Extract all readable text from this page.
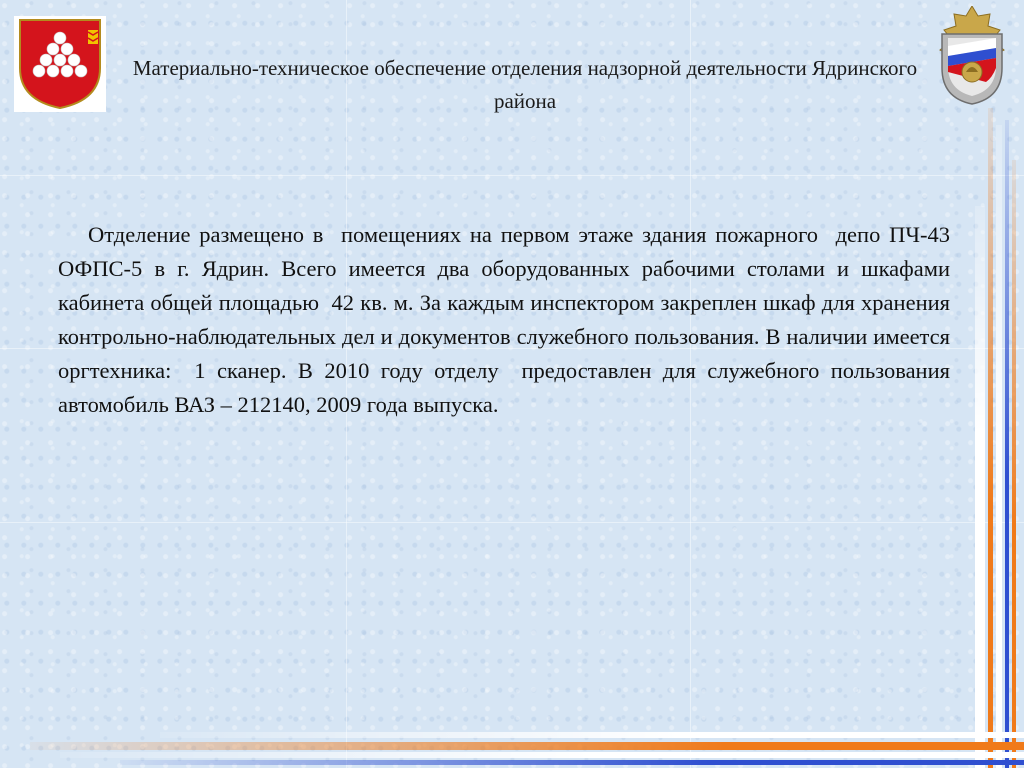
Материально-техническое обеспечение отделения надзорной деятельности Ядринского района
Отделение размещено в  помещениях на первом этаже здания пожарного  депо ПЧ-43 ОФПС-5 в г. Ядрин. Всего имеется два оборудованных рабочими столами и шкафами  кабинета общей площадью  42 кв. м. За каждым инспектором закреплен шкаф для хранения контрольно-наблюдательных дел и документов служебного пользования. В наличии имеется оргтехника:  1 сканер. В 2010 году отделу  предоставлен для служебного пользования автомобиль ВАЗ – 212140, 2009 года выпуска.
